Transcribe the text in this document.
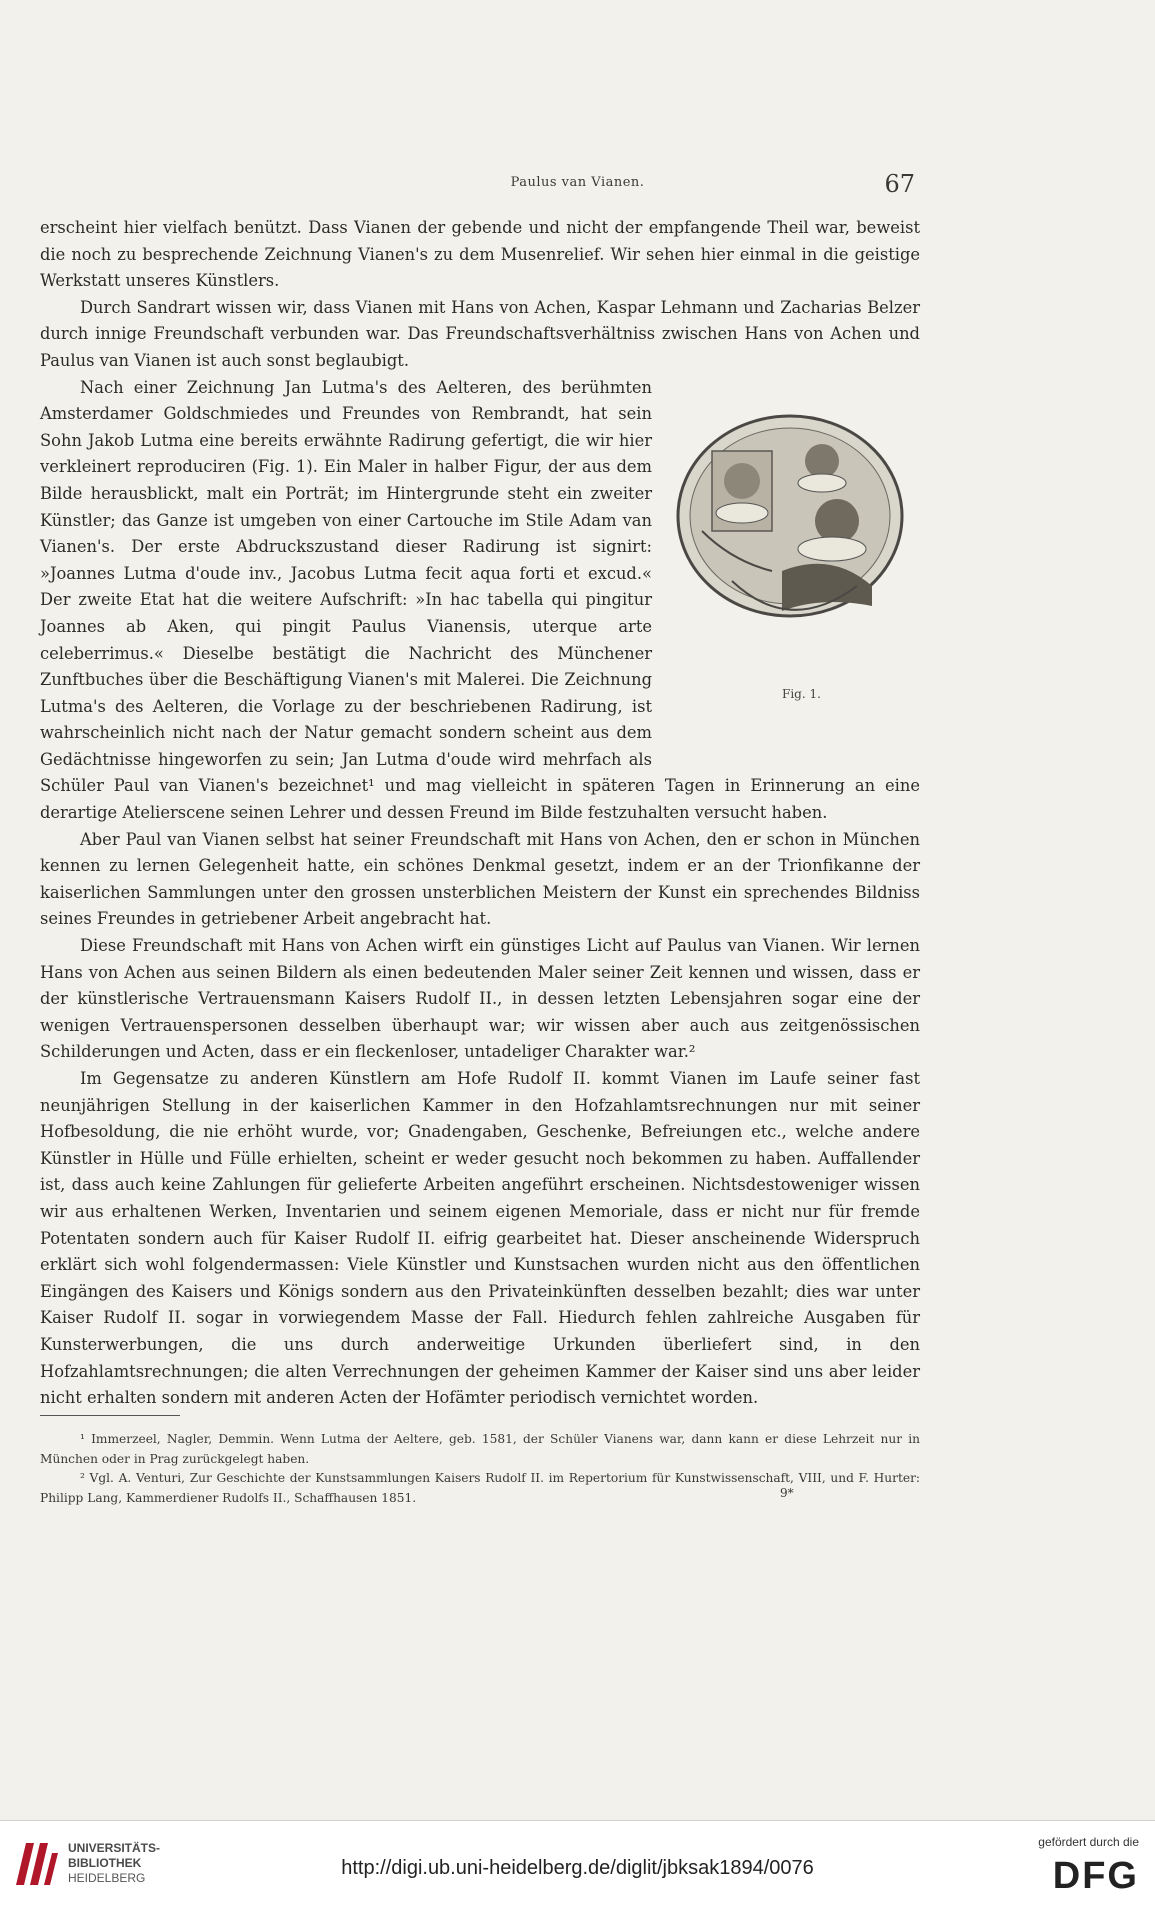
Paulus van Vianen.	67

erscheint hier vielfach benützt. Dass Vianen der gebende und nicht der empfangende Theil war, beweist die noch zu besprechende Zeichnung Vianen's zu dem Musenrelief. Wir sehen hier einmal in die geistige Werkstatt unseres Künstlers.

Durch Sandrart wissen wir, dass Vianen mit Hans von Achen, Kaspar Lehmann und Zacharias Belzer durch innige Freundschaft verbunden war. Das Freundschaftsverhältniss zwischen Hans von Achen und Paulus van Vianen ist auch sonst beglaubigt.

Fig. 1.

Nach einer Zeichnung Jan Lutma's des Aelteren, des berühmten Amsterdamer Goldschmiedes und Freundes von Rembrandt, hat sein Sohn Jakob Lutma eine bereits erwähnte Radirung gefertigt, die wir hier verkleinert reproduciren (Fig. 1). Ein Maler in halber Figur, der aus dem Bilde herausblickt, malt ein Porträt; im Hintergrunde steht ein zweiter Künstler; das Ganze ist umgeben von einer Cartouche im Stile Adam van Vianen's. Der erste Abdruckszustand dieser Radirung ist signirt: »Joannes Lutma d'oude inv., Jacobus Lutma fecit aqua forti et excud.« Der zweite Etat hat die weitere Aufschrift: »In hac tabella qui pingitur Joannes ab Aken, qui pingit Paulus Vianensis, uterque arte celeberrimus.« Dieselbe bestätigt die Nachricht des Münchener Zunftbuches über die Beschäftigung Vianen's mit Malerei. Die Zeichnung Lutma's des Aelteren, die Vorlage zu der beschriebenen Radirung, ist wahrscheinlich nicht nach der Natur gemacht sondern scheint aus dem Gedächtnisse hingeworfen zu sein; Jan Lutma d'oude wird mehrfach als Schüler Paul van Vianen's bezeichnet¹ und mag vielleicht in späteren Tagen in Erinnerung an eine derartige Atelierscene seinen Lehrer und dessen Freund im Bilde festzuhalten versucht haben.

Aber Paul van Vianen selbst hat seiner Freundschaft mit Hans von Achen, den er schon in München kennen zu lernen Gelegenheit hatte, ein schönes Denkmal gesetzt, indem er an der Trionfikanne der kaiserlichen Sammlungen unter den grossen unsterblichen Meistern der Kunst ein sprechendes Bildniss seines Freundes in getriebener Arbeit angebracht hat.

Diese Freundschaft mit Hans von Achen wirft ein günstiges Licht auf Paulus van Vianen. Wir lernen Hans von Achen aus seinen Bildern als einen bedeutenden Maler seiner Zeit kennen und wissen, dass er der künstlerische Vertrauensmann Kaisers Rudolf II., in dessen letzten Lebensjahren sogar eine der wenigen Vertrauenspersonen desselben überhaupt war; wir wissen aber auch aus zeitgenössischen Schilderungen und Acten, dass er ein fleckenloser, untadeliger Charakter war.²

Im Gegensatze zu anderen Künstlern am Hofe Rudolf II. kommt Vianen im Laufe seiner fast neunjährigen Stellung in der kaiserlichen Kammer in den Hofzahlamtsrechnungen nur mit seiner Hofbesoldung, die nie erhöht wurde, vor; Gnadengaben, Geschenke, Befreiungen etc., welche andere Künstler in Hülle und Fülle erhielten, scheint er weder gesucht noch bekommen zu haben. Auffallender ist, dass auch keine Zahlungen für gelieferte Arbeiten angeführt erscheinen. Nichtsdestoweniger wissen wir aus erhaltenen Werken, Inventarien und seinem eigenen Memoriale, dass er nicht nur für fremde Potentaten sondern auch für Kaiser Rudolf II. eifrig gearbeitet hat. Dieser anscheinende Widerspruch erklärt sich wohl folgendermassen: Viele Künstler und Kunstsachen wurden nicht aus den öffentlichen Eingängen des Kaisers und Königs sondern aus den Privateinkünften desselben bezahlt; dies war unter Kaiser Rudolf II. sogar in vorwiegendem Masse der Fall. Hiedurch fehlen zahlreiche Ausgaben für Kunsterwerbungen, die uns durch anderweitige Urkunden überliefert sind, in den Hofzahlamtsrechnungen; die alten Verrechnungen der geheimen Kammer der Kaiser sind uns aber leider nicht erhalten sondern mit anderen Acten der Hofämter periodisch vernichtet worden.

¹ Immerzeel, Nagler, Demmin. Wenn Lutma der Aeltere, geb. 1581, der Schüler Vianens war, dann kann er diese Lehrzeit nur in München oder in Prag zurückgelegt haben.

² Vgl. A. Venturi, Zur Geschichte der Kunstsammlungen Kaisers Rudolf II. im Repertorium für Kunstwissenschaft, VIII, und F. Hurter: Philipp Lang, Kammerdiener Rudolfs II., Schaffhausen 1851.	9*
UNIVERSITÄTS-
BIBLIOTHEK
HEIDELBERG	http://digi.ub.uni-heidelberg.de/diglit/jbksak1894/0076
gefördert durch die
DFG
